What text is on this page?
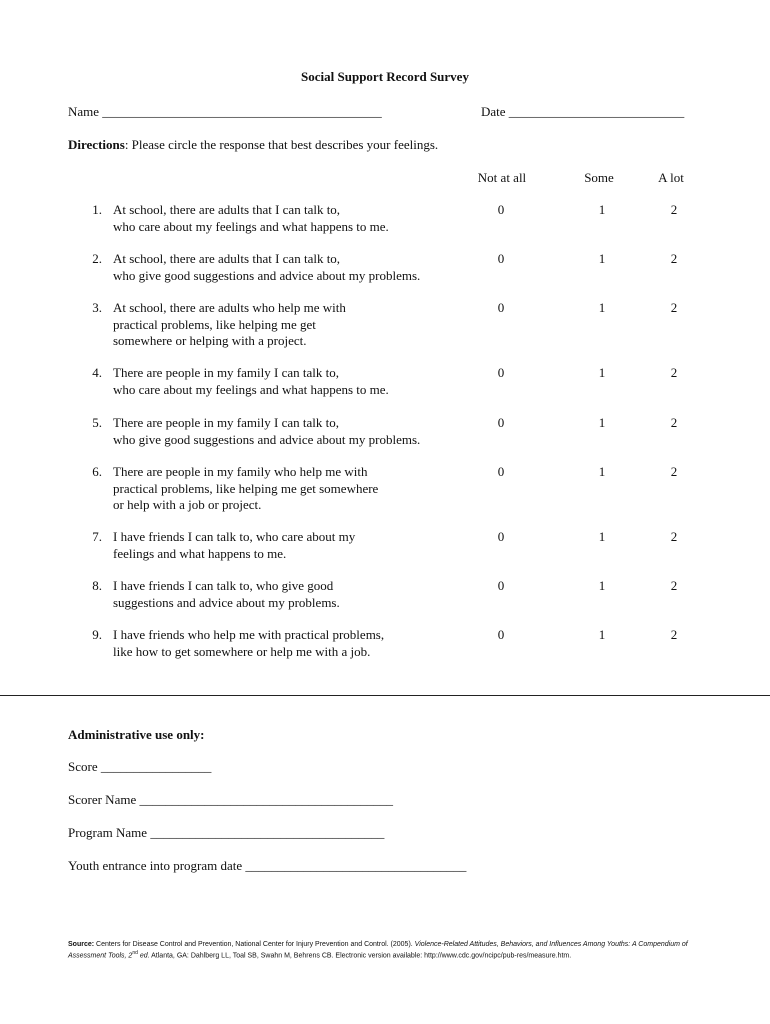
Social Support Record Survey
Name ___________________________________________	Date ___________________________
Directions: Please circle the response that best describes your feelings.
Not at all	Some	A lot
1. At school, there are adults that I can talk to,
who care about my feelings and what happens to me.
0	1	2
2. At school, there are adults that I can talk to,
who give good suggestions and advice about my problems.
0	1	2
3. At school, there are adults who help me with
practical problems, like helping me get
somewhere or helping with a project.
0	1	2
4. There are people in my family I can talk to,
who care about my feelings and what happens to me.
0	1	2
5. There are people in my family I can talk to,
who give good suggestions and advice about my problems.
0	1	2
6. There are people in my family who help me with
practical problems, like helping me get somewhere
or help with a job or project.
0	1	2
7. I have friends I can talk to, who care about my
feelings and what happens to me.
0	1	2
8. I have friends I can talk to, who give good
suggestions and advice about my problems.
0	1	2
9. I have friends who help me with practical problems,
like how to get somewhere or help me with a job.
0	1	2
Administrative use only:
Score _________________
Scorer Name _______________________________________
Program Name ____________________________________
Youth entrance into program date __________________________________
Source: Centers for Disease Control and Prevention, National Center for Injury Prevention and Control. (2005). Violence-Related Attitudes, Behaviors, and Influences Among Youths: A Compendium of Assessment Tools, 2nd ed. Atlanta, GA: Dahlberg LL, Toal SB, Swahn M, Behrens CB. Electronic version available: http://www.cdc.gov/ncipc/pub-res/measure.htm.
